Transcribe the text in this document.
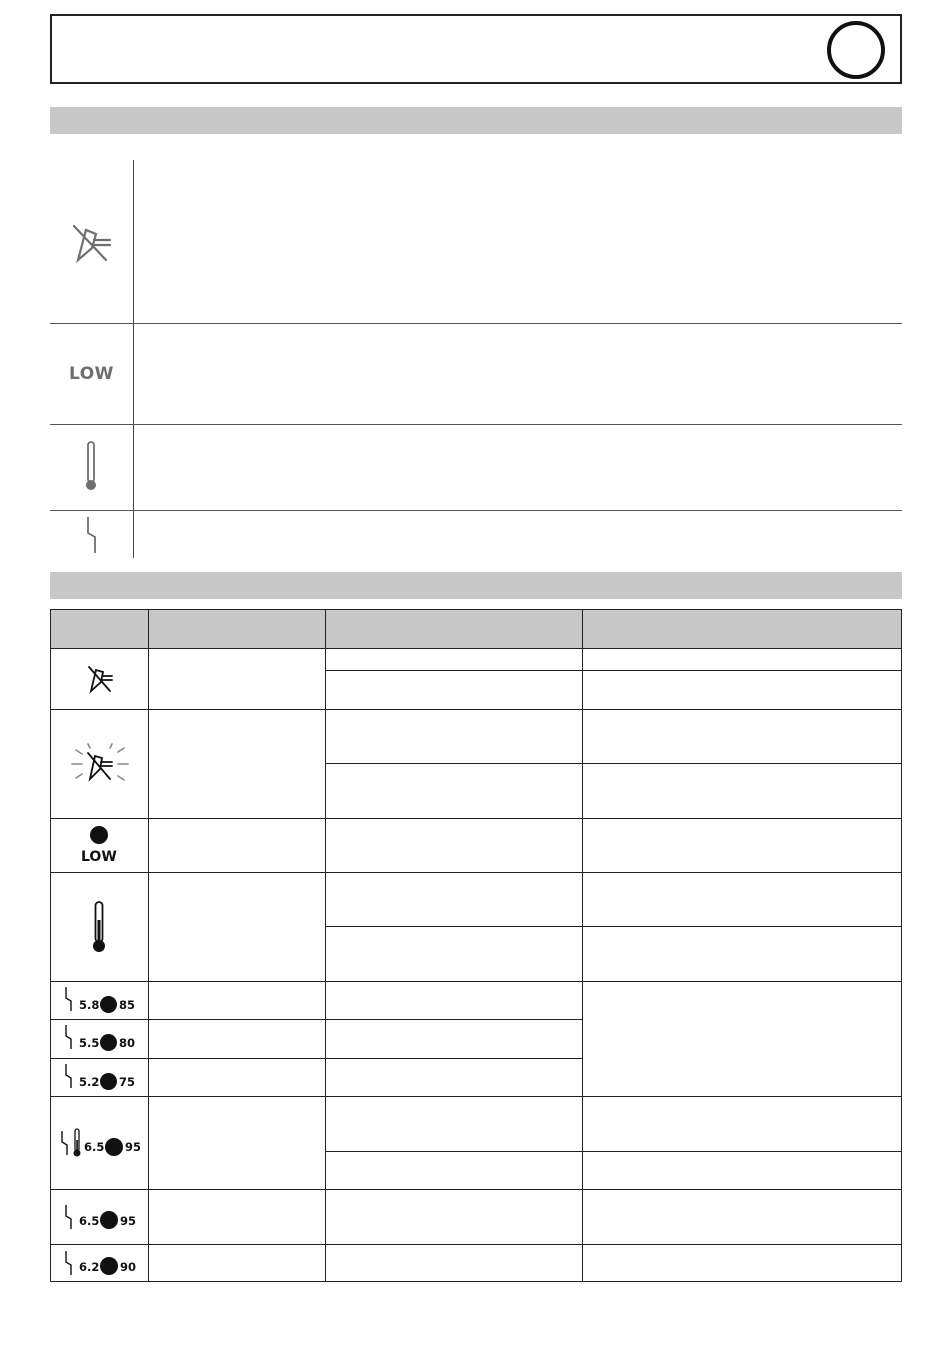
LOW
LOW
5.8 85
5.5 80
5.2 75
6.5 95
6.5 95
6.2 90
